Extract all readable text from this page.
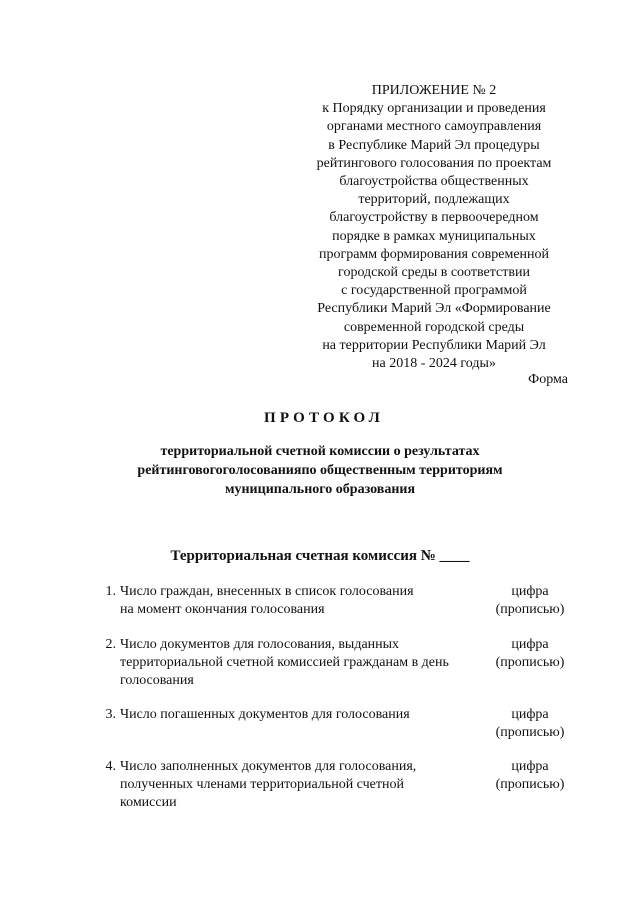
ПРИЛОЖЕНИЕ № 2
к Порядку организации и проведения
органами местного самоуправления
в Республике Марий Эл процедуры
рейтингового голосования по проектам
благоустройства общественных
территорий, подлежащих
благоустройству в первоочередном
порядке в рамках муниципальных
программ формирования современной
городской среды в соответствии
с государственной программой
Республики Марий Эл «Формирование
современной городской среды
на территории Республики Марий Эл
на 2018 - 2024 годы»
Форма
ПРОТОКОЛ
территориальной счетной комиссии о результатах
рейтинговогоголосованияпо общественным территориям
муниципального образования
Территориальная счетная комиссия № ____
1. Число граждан, внесенных в список голосования
на момент окончания голосования
цифра
(прописью)
2. Число документов для голосования, выданных
территориальной счетной комиссией гражданам в день
голосования
цифра
(прописью)
3. Число погашенных документов для голосования	цифра
(прописью)
4. Число заполненных документов для голосования,
полученных членами территориальной счетной
комиссии
цифра
(прописью)
